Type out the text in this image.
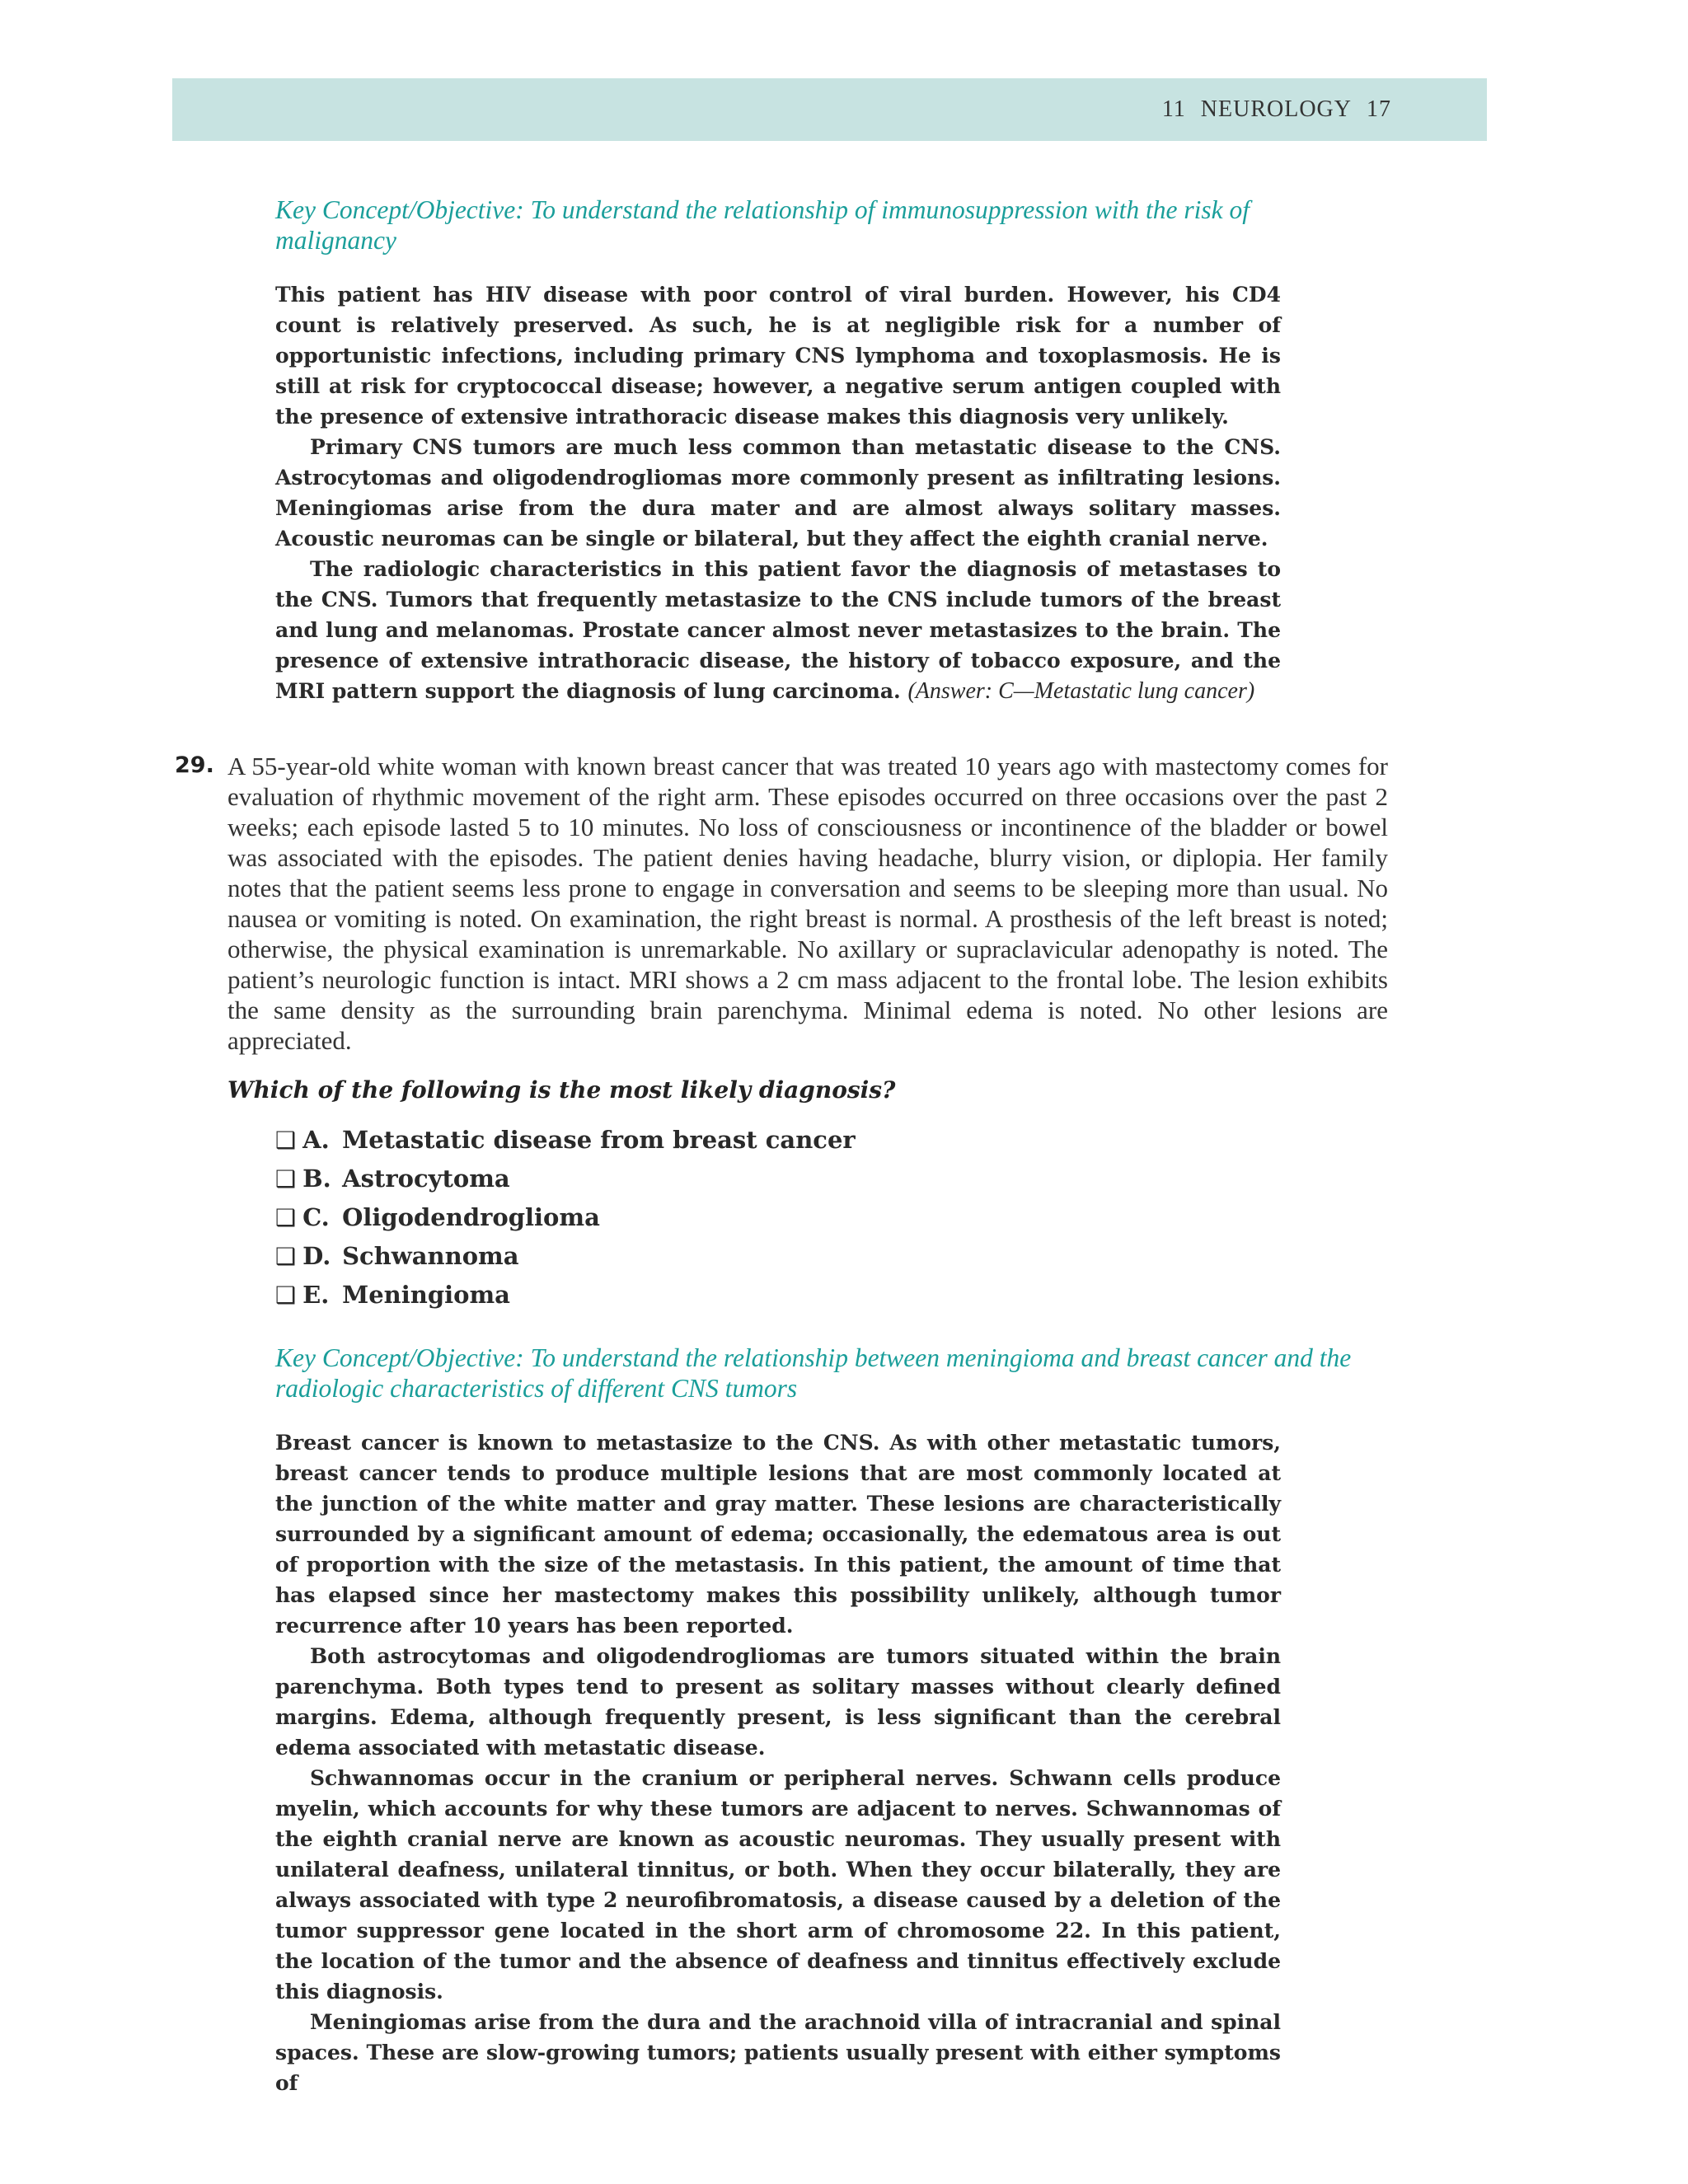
11 NEUROLOGY 17
Key Concept/Objective: To understand the relationship of immunosuppression with the risk of malignancy

This patient has HIV disease with poor control of viral burden. However, his CD4 count is relatively preserved. As such, he is at negligible risk for a number of opportunistic infections, including primary CNS lymphoma and toxoplasmosis. He is still at risk for cryptococcal disease; however, a negative serum antigen coupled with the presence of extensive intrathoracic disease makes this diagnosis very unlikely.

Primary CNS tumors are much less common than metastatic disease to the CNS. Astrocytomas and oligodendrogliomas more commonly present as infiltrating lesions. Meningiomas arise from the dura mater and are almost always solitary masses. Acoustic neuromas can be single or bilateral, but they affect the eighth cranial nerve.

The radiologic characteristics in this patient favor the diagnosis of metastases to the CNS. Tumors that frequently metastasize to the CNS include tumors of the breast and lung and melanomas. Prostate cancer almost never metastasizes to the brain. The presence of extensive intrathoracic disease, the history of tobacco exposure, and the MRI pattern support the diagnosis of lung carcinoma. (Answer: C—Metastatic lung cancer)

29. A 55-year-old white woman with known breast cancer that was treated 10 years ago with mastectomy comes for evaluation of rhythmic movement of the right arm. These episodes occurred on three occasions over the past 2 weeks; each episode lasted 5 to 10 minutes. No loss of consciousness or incontinence of the bladder or bowel was associated with the episodes. The patient denies having headache, blurry vision, or diplopia. Her family notes that the patient seems less prone to engage in conversation and seems to be sleeping more than usual. No nausea or vomiting is noted. On examination, the right breast is normal. A prosthesis of the left breast is noted; otherwise, the physical examination is unremarkable. No axillary or supraclavicular adenopathy is noted. The patient’s neurologic function is intact. MRI shows a 2 cm mass adjacent to the frontal lobe. The lesion exhibits the same density as the surrounding brain parenchyma. Minimal edema is noted. No other lesions are appreciated.

Which of the following is the most likely diagnosis?
❑ A. Metastatic disease from breast cancer
❑ B. Astrocytoma
❑ C. Oligodendroglioma
❑ D. Schwannoma
❑ E. Meningioma
Key Concept/Objective: To understand the relationship between meningioma and breast cancer and the radiologic characteristics of different CNS tumors

Breast cancer is known to metastasize to the CNS. As with other metastatic tumors, breast cancer tends to produce multiple lesions that are most commonly located at the junction of the white matter and gray matter. These lesions are characteristically surrounded by a significant amount of edema; occasionally, the edematous area is out of proportion with the size of the metastasis. In this patient, the amount of time that has elapsed since her mastectomy makes this possibility unlikely, although tumor recurrence after 10 years has been reported.

Both astrocytomas and oligodendrogliomas are tumors situated within the brain parenchyma. Both types tend to present as solitary masses without clearly defined margins. Edema, although frequently present, is less significant than the cerebral edema associated with metastatic disease.

Schwannomas occur in the cranium or peripheral nerves. Schwann cells produce myelin, which accounts for why these tumors are adjacent to nerves. Schwannomas of the eighth cranial nerve are known as acoustic neuromas. They usually present with unilateral deafness, unilateral tinnitus, or both. When they occur bilaterally, they are always associated with type 2 neurofibromatosis, a disease caused by a deletion of the tumor suppressor gene located in the short arm of chromosome 22. In this patient, the location of the tumor and the absence of deafness and tinnitus effectively exclude this diagnosis.

Meningiomas arise from the dura and the arachnoid villa of intracranial and spinal spaces. These are slow-growing tumors; patients usually present with either symptoms of
